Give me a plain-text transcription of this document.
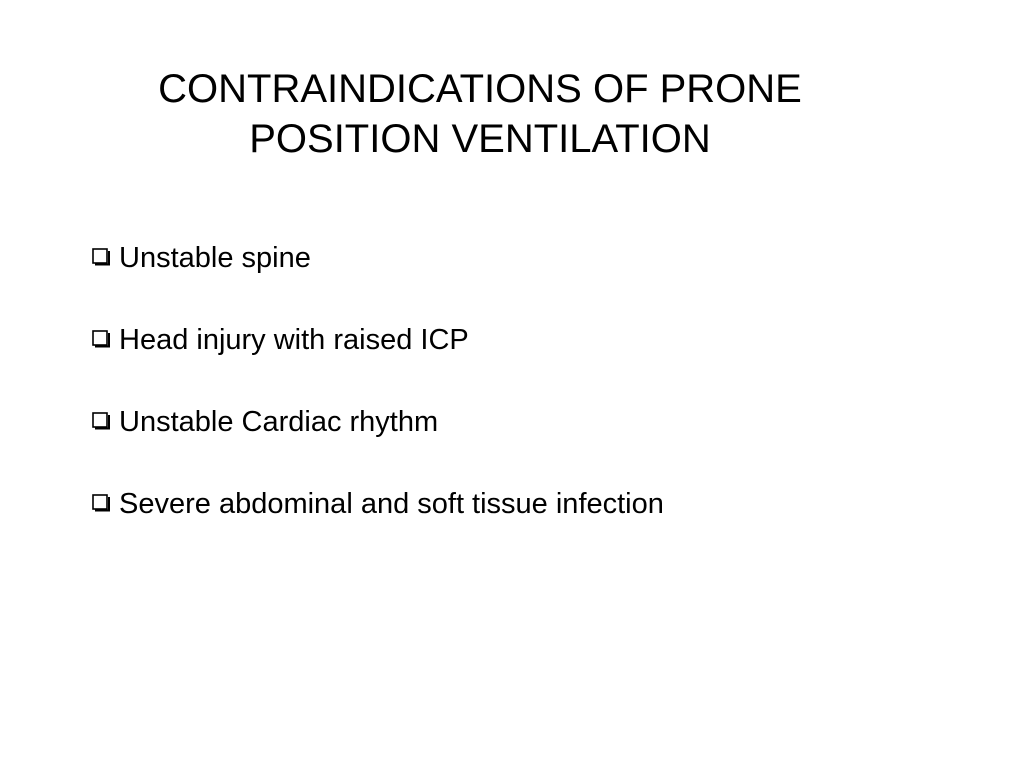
CONTRAINDICATIONS OF PRONE
POSITION VENTILATION
Unstable spine
Head injury with raised ICP
Unstable Cardiac rhythm
Severe abdominal and soft tissue infection
